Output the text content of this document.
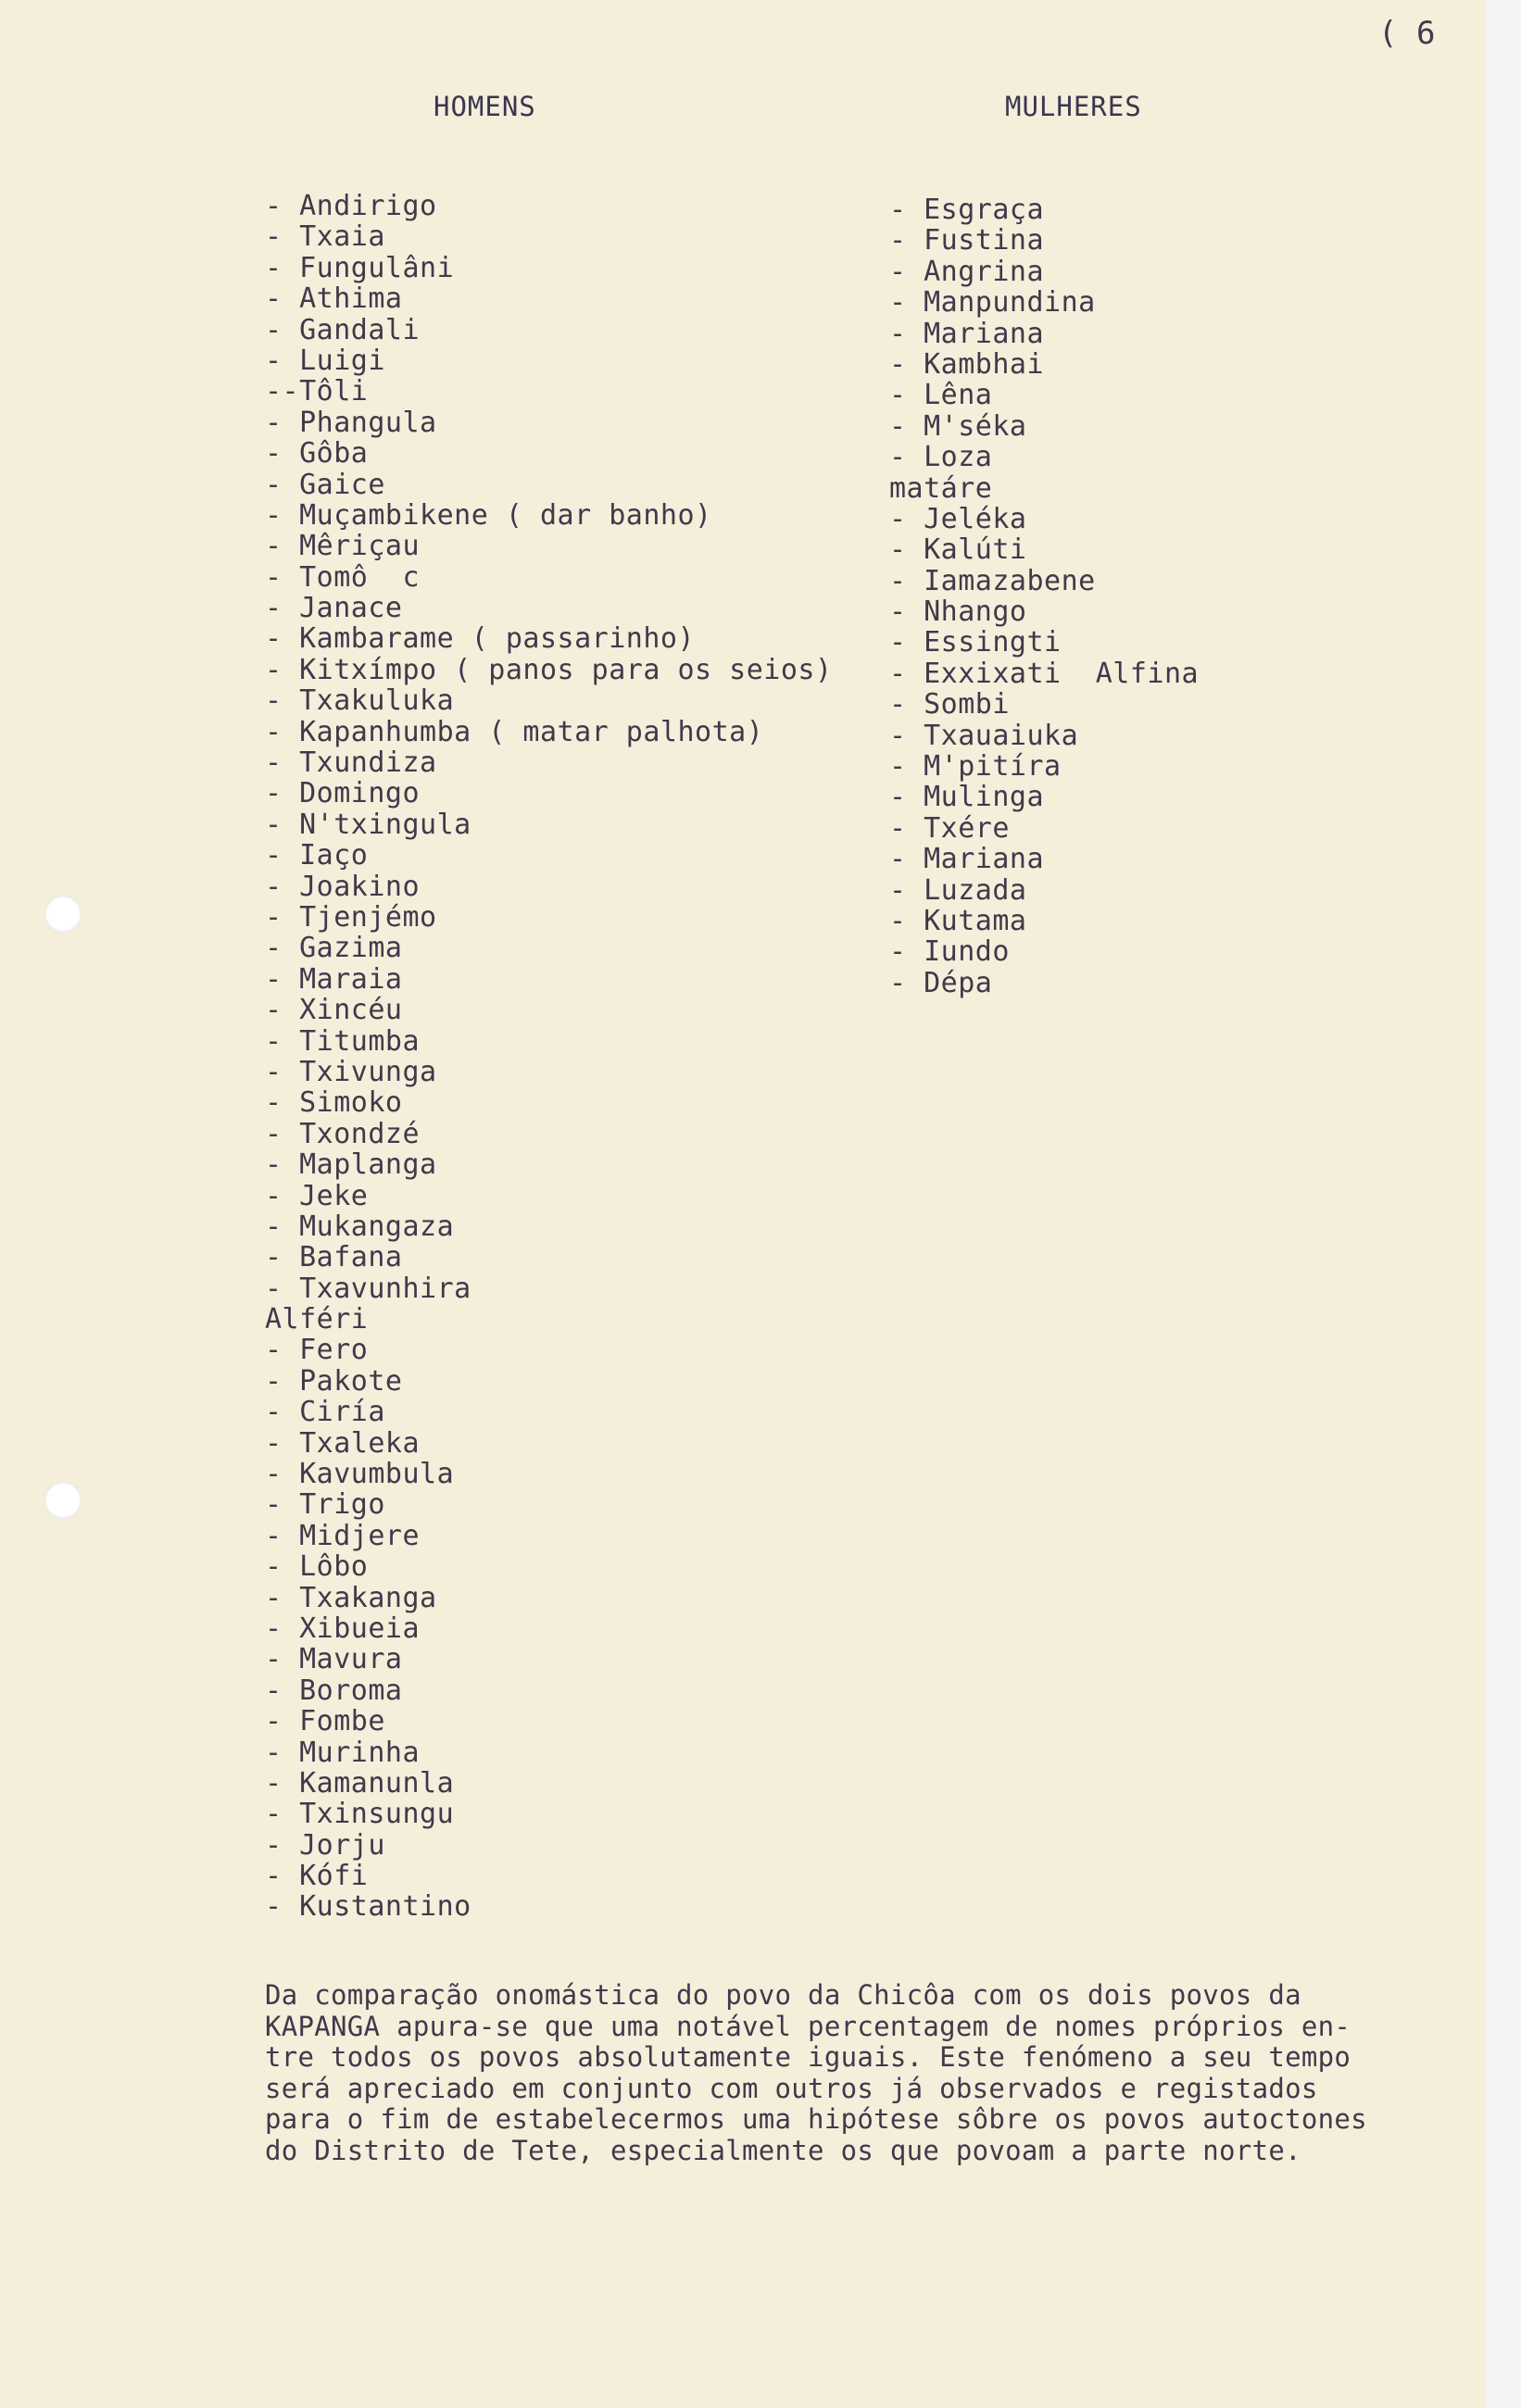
( 6
HOMENS	MULHERES
- Andirigo
- Txaia
- Fungulâni
- Athima
- Gandali
- Luigi
--Tôli
- Phangula
- Gôba
- Gaice
- Muçambikene ( dar banho)
- Mêriçau
- Tomô  c
- Janace
- Kambarame ( passarinho)
- Kitxímpo ( panos para os seios)
- Txakuluka
- Kapanhumba ( matar palhota)
- Txundiza
- Domingo
- N'txingula
- Iaço
- Joakino
- Tjenjémo
- Gazima
- Maraia
- Xincéu
- Titumba
- Txivunga
- Simoko
- Txondzé
- Maplanga
- Jeke
- Mukangaza
- Bafana
- Txavunhira
Alféri
- Fero
- Pakote
- Ciría
- Txaleka
- Kavumbula
- Trigo
- Midjere
- Lôbo
- Txakanga
- Xibueia
- Mavura
- Boroma
- Fombe
- Murinha
- Kamanunla
- Txinsungu
- Jorju
- Kófi
- Kustantino
- Esgraça
- Fustina
- Angrina
- Manpundina
- Mariana
- Kambhai
- Lêna
- M'séka
- Loza
matáre
- Jeléka
- Kalúti
- Iamazabene
- Nhango
- Essingti
- Exxixati  Alfina
- Sombi
- Txauaiuka
- M'pitíra
- Mulinga
- Txére
- Mariana
- Luzada
- Kutama
- Iundo
- Dépa
Da comparação onomástica do povo da Chicôa com os dois povos da
KAPANGA apura-se que uma notável percentagem de nomes próprios en-
tre todos os povos absolutamente iguais. Este fenómeno a seu tempo
será apreciado em conjunto com outros já observados e registados
para o fim de estabelecermos uma hipótese sôbre os povos autoctones
do Distrito de Tete, especialmente os que povoam a parte norte.
